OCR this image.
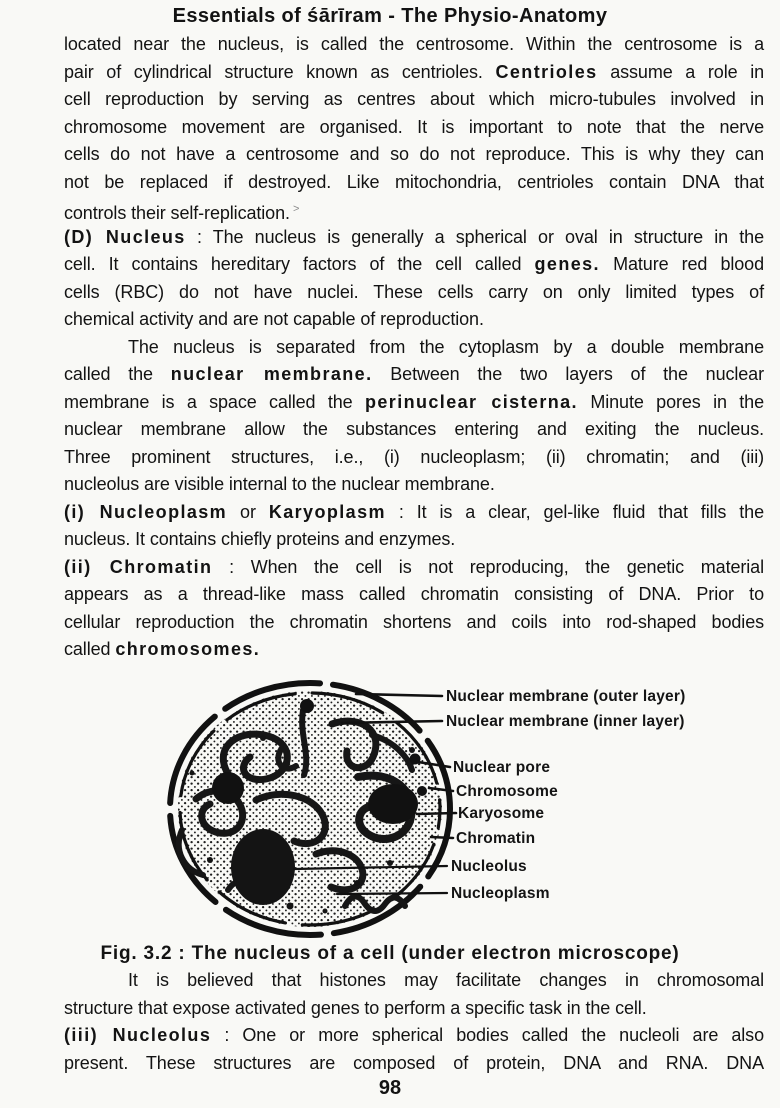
Essentials of śārīram - The Physio-Anatomy
located near the nucleus, is called the centrosome. Within the centrosome is a
pair of cylindrical structure known as centrioles. Centrioles assume a role in
cell reproduction by serving as centres about which micro-tubules involved in
chromosome movement are organised. It is important to note that the nerve
cells do not have a centrosome and so do not reproduce. This is why they can
not be replaced if destroyed. Like mitochondria, centrioles contain DNA that
controls their self-replication. ˃
(D) Nucleus : The nucleus is generally a spherical or oval in structure in the
cell. It contains hereditary factors of the cell called genes. Mature red blood
cells (RBC) do not have nuclei. These cells carry on only limited types of
chemical activity and are not capable of reproduction.
The nucleus is separated from the cytoplasm by a double membrane
called the nuclear membrane. Between the two layers of the nuclear
membrane is a space called the perinuclear cisterna. Minute pores in the
nuclear membrane allow the substances entering and exiting the nucleus.
Three prominent structures, i.e., (i) nucleoplasm; (ii) chromatin; and (iii)
nucleolus are visible internal to the nuclear membrane.
(i) Nucleoplasm or Karyoplasm : It is a clear, gel-like fluid that fills the
nucleus. It contains chiefly proteins and enzymes.
(ii) Chromatin : When the cell is not reproducing, the genetic material
appears as a thread-like mass called chromatin consisting of DNA. Prior to
cellular reproduction the chromatin shortens and coils into rod-shaped bodies
called chromosomes.
Nuclear membrane (outer layer)
Nuclear membrane (inner layer)
Nuclear pore
Chromosome
Karyosome
Chromatin
Nucleolus
Nucleoplasm
Fig. 3.2 : The nucleus of a cell (under electron microscope)
It is believed that histones may facilitate changes in chromosomal
structure that expose activated genes to perform a specific task in the cell.
(iii) Nucleolus : One or more spherical bodies called the nucleoli are also
present. These structures are composed of protein, DNA and RNA. DNA
98
